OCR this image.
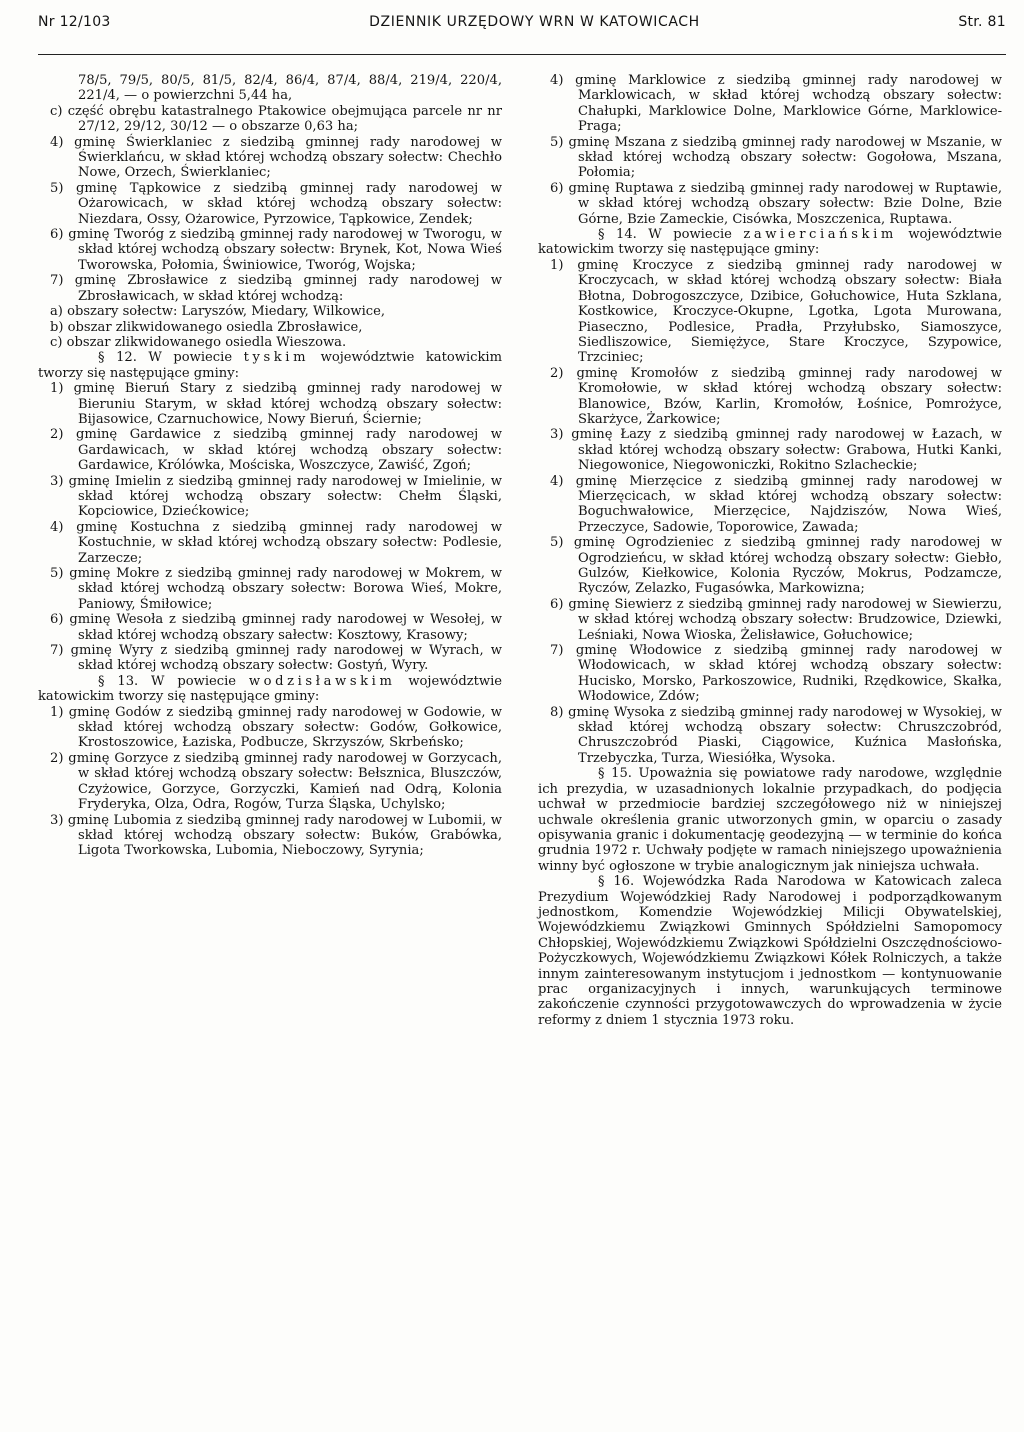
Nr 12/103	DZIENNIK URZĘDOWY WRN W KATOWICACH	Str. 81

78/5, 79/5, 80/5, 81/5, 82/4, 86/4, 87/4, 88/4, 219/4, 220/4, 221/4, — o powierzchni 5,44 ha,

c) część obrębu katastralnego Ptakowice obejmująca parcele nr nr 27/12, 29/12, 30/12 — o obszarze 0,63 ha;

4) gminę Świerklaniec z siedzibą gminnej rady narodowej w Świerklańcu, w skład której wchodzą obszary sołectw: Chechło Nowe, Orzech, Świerklaniec;

5) gminę Tąpkowice z siedzibą gminnej rady narodowej w Ożarowicach, w skład której wchodzą obszary sołectw: Niezdara, Ossy, Ożarowice, Pyrzowice, Tąpkowice, Zendek;

6) gminę Tworóg z siedzibą gminnej rady narodowej w Tworogu, w skład której wchodzą obszary sołectw: Brynek, Kot, Nowa Wieś Tworowska, Połomia, Świniowice, Tworóg, Wojska;

7) gminę Zbrosławice z siedzibą gminnej rady narodowej w Zbrosławicach, w skład której wchodzą:

a) obszary sołectw: Laryszów, Miedary, Wilkowice,

b) obszar zlikwidowanego osiedla Zbrosławice,

c) obszar zlikwidowanego osiedla Wieszowa.

§ 12. W powiecie tyskim województwie katowickim tworzy się następujące gminy:

1) gminę Bieruń Stary z siedzibą gminnej rady narodowej w Bieruniu Starym, w skład której wchodzą obszary sołectw: Bijasowice, Czarnuchowice, Nowy Bieruń, Ściernie;

2) gminę Gardawice z siedzibą gminnej rady narodowej w Gardawicach, w skład której wchodzą obszary sołectw: Gardawice, Królówka, Mościska, Woszczyce, Zawiść, Zgoń;

3) gminę Imielin z siedzibą gminnej rady narodowej w Imielinie, w skład której wchodzą obszary sołectw: Chełm Śląski, Kopciowice, Dziećkowice;

4) gminę Kostuchna z siedzibą gminnej rady narodowej w Kostuchnie, w skład której wchodzą obszary sołectw: Podlesie, Zarzecze;

5) gminę Mokre z siedzibą gminnej rady narodowej w Mokrem, w skład której wchodzą obszary sołectw: Borowa Wieś, Mokre, Paniowy, Śmiłowice;

6) gminę Wesoła z siedzibą gminnej rady narodowej w Wesołej, w skład której wchodzą obszary sałectw: Kosztowy, Krasowy;

7) gminę Wyry z siedzibą gminnej rady narodowej w Wyrach, w skład której wchodzą obszary sołectw: Gostyń, Wyry.

§ 13. W powiecie wodzisławskim województwie katowickim tworzy się następujące gminy:

1) gminę Godów z siedzibą gminnej rady narodowej w Godowie, w skład której wchodzą obszary sołectw: Godów, Gołkowice, Krostoszowice, Łaziska, Podbucze, Skrzyszów, Skrbeńsko;

2) gminę Gorzyce z siedzibą gminnej rady narodowej w Gorzycach, w skład której wchodzą obszary sołectw: Bełsznica, Bluszczów, Czyżowice, Gorzyce, Gorzyczki, Kamień nad Odrą, Kolonia Fryderyka, Olza, Odra, Rogów, Turza Śląska, Uchylsko;

3) gminę Lubomia z siedzibą gminnej rady narodowej w Lubomii, w skład której wchodzą obszary sołectw: Buków, Grabówka, Ligota Tworkowska, Lubomia, Nieboczowy, Syrynia;

4) gminę Marklowice z siedzibą gminnej rady narodowej w Marklowicach, w skład której wchodzą obszary sołectw: Chałupki, Marklowice Dolne, Marklowice Górne, Marklowice-Praga;

5) gminę Mszana z siedzibą gminnej rady narodowej w Mszanie, w skład której wchodzą obszary sołectw: Gogołowa, Mszana, Połomia;

6) gminę Ruptawa z siedzibą gminnej rady narodowej w Ruptawie, w skład której wchodzą obszary sołectw: Bzie Dolne, Bzie Górne, Bzie Zameckie, Cisówka, Moszczenica, Ruptawa.

§ 14. W powiecie zawierciańskim województwie katowickim tworzy się następujące gminy:

1) gminę Kroczyce z siedzibą gminnej rady narodowej w Kroczycach, w skład której wchodzą obszary sołectw: Biała Błotna, Dobrogoszczyce, Dzibice, Gołuchowice, Huta Szklana, Kostkowice, Kroczyce-Okupne, Lgotka, Lgota Murowana, Piaseczno, Podlesice, Pradła, Przyłubsko, Siamoszyce, Siedliszowice, Siemiężyce, Stare Kroczyce, Szypowice, Trzciniec;

2) gminę Kromołów z siedzibą gminnej rady narodowej w Kromołowie, w skład której wchodzą obszary sołectw: Blanowice, Bzów, Karlin, Kromołów, Łośnice, Pomrożyce, Skarżyce, Żarkowice;

3) gminę Łazy z siedzibą gminnej rady narodowej w Łazach, w skład której wchodzą obszary sołectw: Grabowa, Hutki Kanki, Niegowonice, Niegowoniczki, Rokitno Szlacheckie;

4) gminę Mierzęcice z siedzibą gminnej rady narodowej w Mierzęcicach, w skład której wchodzą obszary sołectw: Boguchwałowice, Mierzęcice, Najdziszów, Nowa Wieś, Przeczyce, Sadowie, Toporowice, Zawada;

5) gminę Ogrodzieniec z siedzibą gminnej rady narodowej w Ogrodzieńcu, w skład której wchodzą obszary sołectw: Giebło, Gulzów, Kiełkowice, Kolonia Ryczów, Mokrus, Podzamcze, Ryczów, Zelazko, Fugasówka, Markowizna;

6) gminę Siewierz z siedzibą gminnej rady narodowej w Siewierzu, w skład której wchodzą obszary sołectw: Brudzowice, Dziewki, Leśniaki, Nowa Wioska, Żelisławice, Gołuchowice;

7) gminę Włodowice z siedzibą gminnej rady narodowej w Włodowicach, w skład której wchodzą obszary sołectw: Hucisko, Morsko, Parkoszowice, Rudniki, Rzędkowice, Skałka, Włodowice, Zdów;

8) gminę Wysoka z siedzibą gminnej rady narodowej w Wysokiej, w skład której wchodzą obszary sołectw: Chruszczobród, Chruszczobród Piaski, Ciągowice, Kuźnica Masłońska, Trzebyczka, Turza, Wiesiółka, Wysoka.

§ 15. Upoważnia się powiatowe rady narodowe, względnie ich prezydia, w uzasadnionych lokalnie przypadkach, do podjęcia uchwał w przedmiocie bardziej szczegółowego niż w niniejszej uchwale określenia granic utworzonych gmin, w oparciu o zasady opisywania granic i dokumentację geodezyjną — w terminie do końca grudnia 1972 r. Uchwały podjęte w ramach niniejszego upoważnienia winny być ogłoszone w trybie analogicznym jak niniejsza uchwała.

§ 16. Wojewódzka Rada Narodowa w Katowicach zaleca Prezydium Wojewódzkiej Rady Narodowej i podporządkowanym jednostkom, Komendzie Wojewódzkiej Milicji Obywatelskiej, Wojewódzkiemu Związkowi Gminnych Spółdzielni Samopomocy Chłopskiej, Wojewódzkiemu Związkowi Spółdzielni Oszczędnościowo-Pożyczkowych, Wojewódzkiemu Związkowi Kółek Rolniczych, a także innym zainteresowanym instytucjom i jednostkom — kontynuowanie prac organizacyjnych i innych, warunkujących terminowe zakończenie czynności przygotowawczych do wprowadzenia w życie reformy z dniem 1 stycznia 1973 roku.
